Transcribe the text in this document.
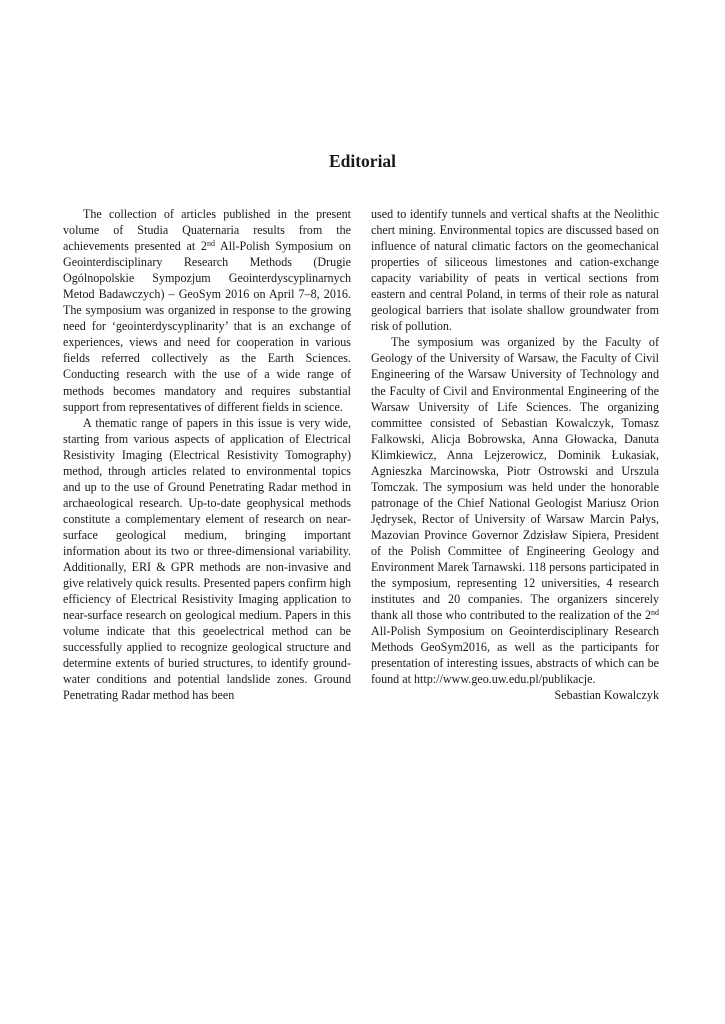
Editorial

The collection of articles published in the present volume of Studia Quaternaria results from the achievements presented at 2nd All-Polish Symposium on Geointerdisciplinary Research Methods (Drugie Ogólnopolskie Sympozjum Geointerdyscyplinarnych Metod Badawczych) – GeoSym 2016 on April 7–8, 2016. The symposium was organized in response to the growing need for ‘geointerdyscyplinarity’ that is an exchange of experiences, views and need for cooperation in various fields referred collectively as the Earth Sciences. Conducting research with the use of a wide range of methods becomes mandatory and requires substantial support from representatives of different fields in science.

A thematic range of papers in this issue is very wide, starting from various aspects of application of Electrical Resistivity Imaging (Electrical Resistivity Tomography) method, through articles related to environmental topics and up to the use of Ground Penetrating Radar method in archaeological research. Up-to-date geophysical methods constitute a complementary element of research on near-surface geological medium, bringing important information about its two or three-dimensional variability. Additionally, ERI & GPR methods are non-invasive and give relatively quick results. Presented papers confirm high efficiency of Electrical Resistivity Imaging application to near-surface research on geological medium. Papers in this volume indicate that this geoelectrical method can be successfully applied to recognize geological structure and determine extents of buried structures, to identify ground-water conditions and potential landslide zones. Ground Penetrating Radar method has been

used to identify tunnels and vertical shafts at the Neolithic chert mining. Environmental topics are discussed based on influence of natural climatic factors on the geomechanical properties of siliceous limestones and cation-exchange capacity variability of peats in vertical sections from eastern and central Poland, in terms of their role as natural geological barriers that isolate shallow groundwater from risk of pollution.

The symposium was organized by the Faculty of Geology of the University of Warsaw, the Faculty of Civil Engineering of the Warsaw University of Technology and the Faculty of Civil and Environmental Engineering of the Warsaw University of Life Sciences. The organizing committee consisted of Sebastian Kowalczyk, Tomasz Falkowski, Alicja Bobrowska, Anna Głowacka, Danuta Klimkiewicz, Anna Lejzerowicz, Dominik Łukasiak, Agnieszka Marcinowska, Piotr Ostrowski and Urszula Tomczak. The symposium was held under the honorable patronage of the Chief National Geologist Mariusz Orion Jędrysek, Rector of University of Warsaw Marcin Pałys, Mazovian Province Governor Zdzisław Sipiera, President of the Polish Committee of Engineering Geology and Environment Marek Tarnawski. 118 persons participated in the symposium, representing 12 universities, 4 research institutes and 20 companies. The organizers sincerely thank all those who contributed to the realization of the 2nd All-Polish Symposium on Geointerdisciplinary Research Methods GeoSym2016, as well as the participants for presentation of interesting issues, abstracts of which can be found at http://www.geo.uw.edu.pl/publikacje.

Sebastian Kowalczyk
